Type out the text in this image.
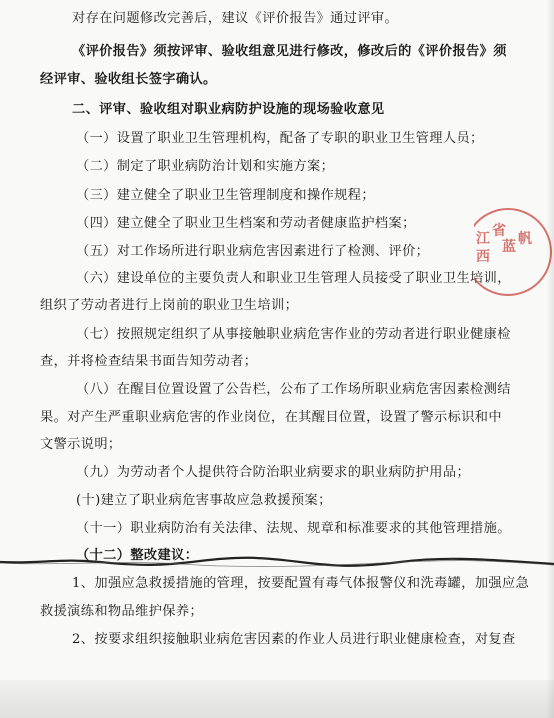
对存在问题修改完善后，建议《评价报告》通过评审。
《评价报告》须按评审、验收组意见进行修改，修改后的《评价报告》须
经评审、验收组长签字确认。
二、评审、验收组对职业病防护设施的现场验收意见
（一）设置了职业卫生管理机构，配备了专职的职业卫生管理人员；
（二）制定了职业病防治计划和实施方案；
（三）建立健全了职业卫生管理制度和操作规程；
（四）建立健全了职业卫生档案和劳动者健康监护档案；
（五）对工作场所进行职业病危害因素进行了检测、评价；
（六）建设单位的主要负责人和职业卫生管理人员接受了职业卫生培训，
组织了劳动者进行上岗前的职业卫生培训；
（七）按照规定组织了从事接触职业病危害作业的劳动者进行职业健康检
查，并将检查结果书面告知劳动者；
（八）在醒目位置设置了公告栏，公布了工作场所职业病危害因素检测结
果。对产生严重职业病危害的作业岗位，在其醒目位置，设置了警示标识和中
文警示说明；
（九）为劳动者个人提供符合防治职业病要求的职业病防护用品；
(十)建立了职业病危害事故应急救援预案；
（十一）职业病防治有关法律、法规、规章和标准要求的其他管理措施。
（十二）整改建议：
1、加强应急救援措施的管理，按要配置有毒气体报警仪和洗毒罐，加强应急
救援演练和物品维护保养；
2、按要求组织接触职业病危害因素的作业人员进行职业健康检查，对复查
江
西
省
蓝 帆
